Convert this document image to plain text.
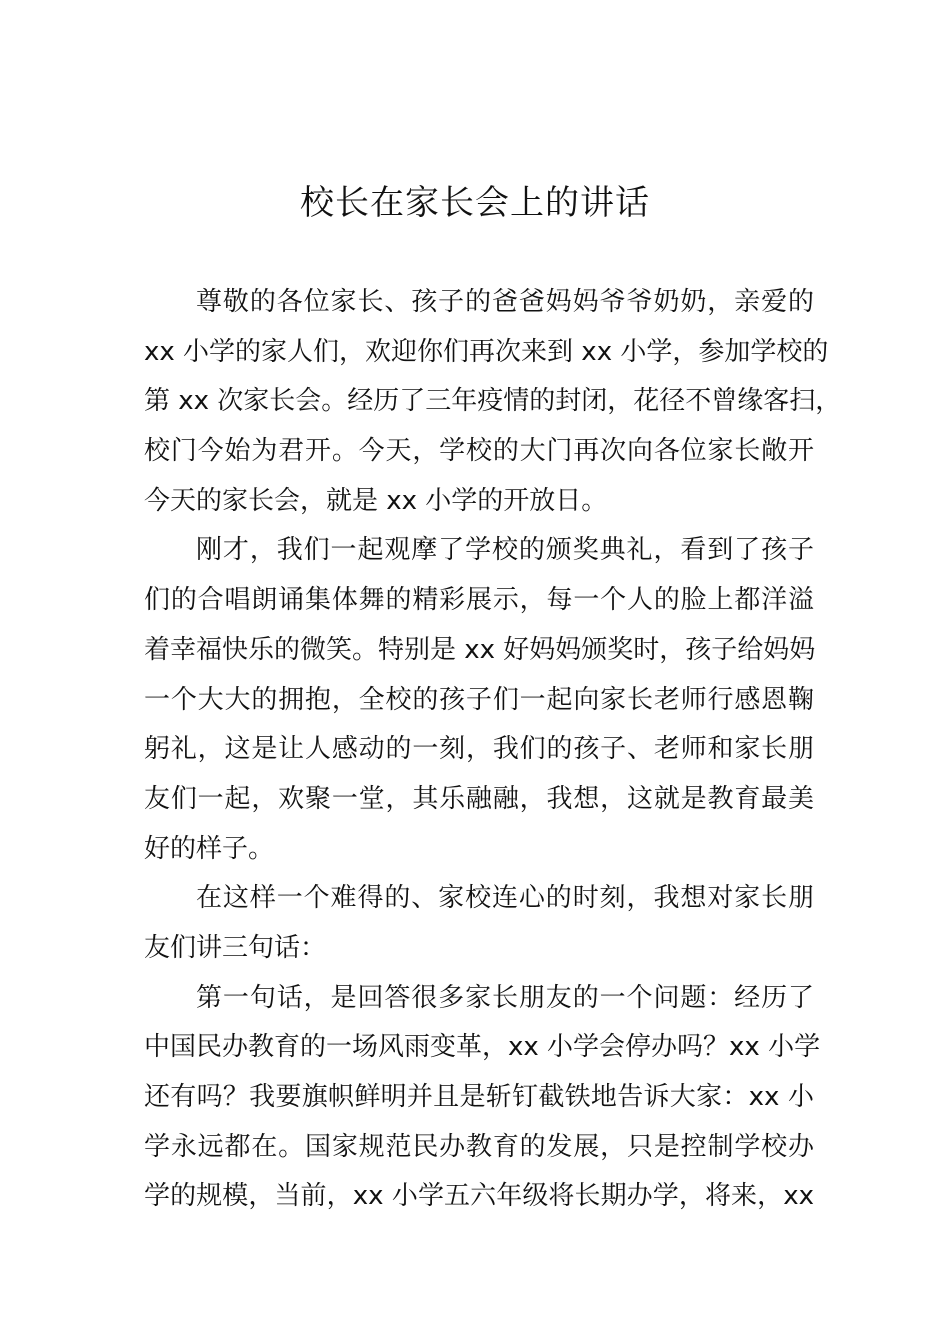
校长在家长会上的讲话
尊敬的各位家长、孩子的爸爸妈妈爷爷奶奶，亲爱的
xx 小学的家人们，欢迎你们再次来到 xx 小学，参加学校的
第 xx 次家长会。经历了三年疫情的封闭，花径不曾缘客扫，
校门今始为君开。今天，学校的大门再次向各位家长敞开
今天的家长会，就是 xx 小学的开放日。
刚才，我们一起观摩了学校的颁奖典礼，看到了孩子
们的合唱朗诵集体舞的精彩展示，每一个人的脸上都洋溢
着幸福快乐的微笑。特别是 xx 好妈妈颁奖时，孩子给妈妈
一个大大的拥抱，全校的孩子们一起向家长老师行感恩鞠
躬礼，这是让人感动的一刻，我们的孩子、老师和家长朋
友们一起，欢聚一堂，其乐融融，我想，这就是教育最美
好的样子。
在这样一个难得的、家校连心的时刻，我想对家长朋
友们讲三句话：
第一句话，是回答很多家长朋友的一个问题：经历了
中国民办教育的一场风雨变革，xx 小学会停办吗？xx 小学
还有吗？我要旗帜鲜明并且是斩钉截铁地告诉大家：xx 小
学永远都在。国家规范民办教育的发展，只是控制学校办
学的规模，当前，xx 小学五六年级将长期办学，将来，xx
